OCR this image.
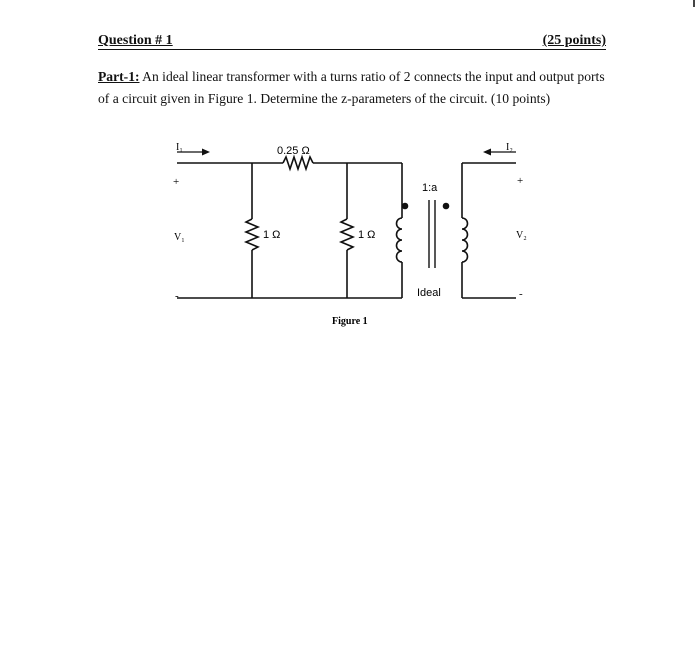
Question # 1	(25 points)
Part-1: An ideal linear transformer with a turns ratio of 2 connects the input and output ports of a circuit given in Figure 1. Determine the z-parameters of the circuit. (10 points)
I₁	I₂
+
V₁
-
+
V₂
-
0.25 Ω
1 Ω	1 Ω
1:a
Ideal
Figure 1
